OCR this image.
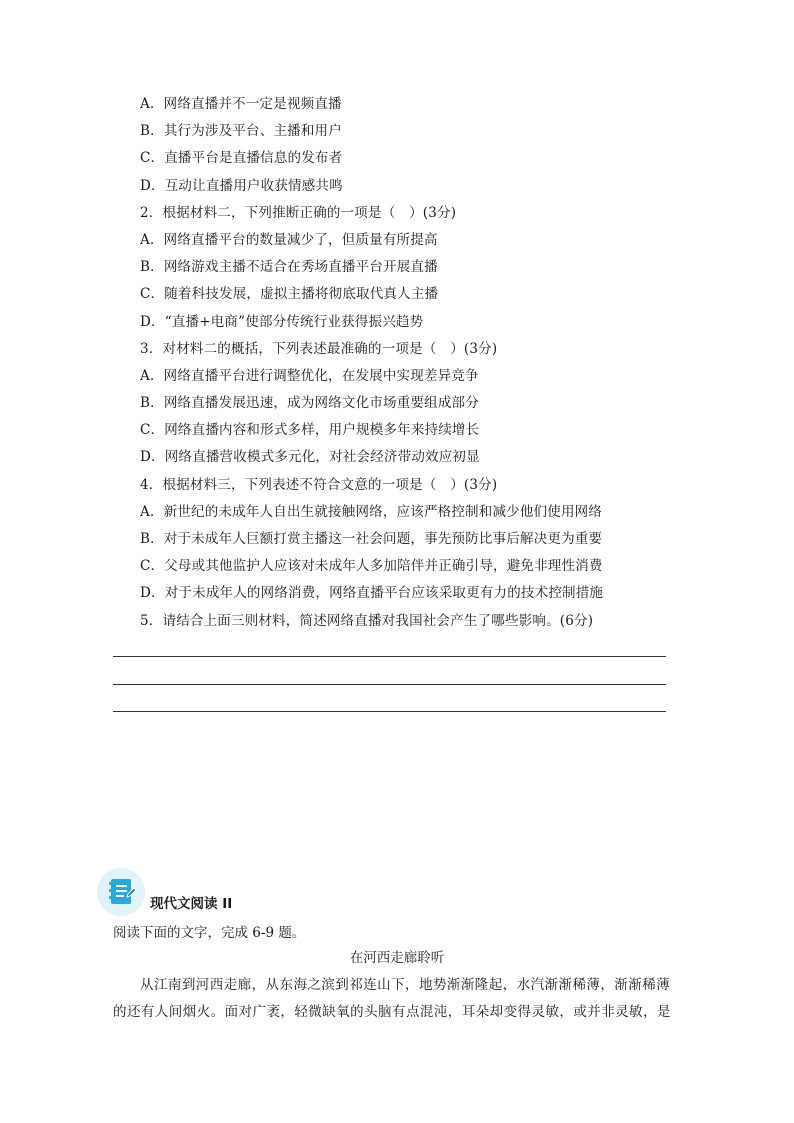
A．网络直播并不一定是视频直播
B．其行为涉及平台、主播和用户
C．直播平台是直播信息的发布者
D．互动让直播用户收获情感共鸣
2．根据材料二，下列推断正确的一项是（　）(3分)
A．网络直播平台的数量减少了，但质量有所提高
B．网络游戏主播不适合在秀场直播平台开展直播
C．随着科技发展，虚拟主播将彻底取代真人主播
D．“直播+电商”使部分传统行业获得振兴趋势
3．对材料二的概括，下列表述最准确的一项是（　）(3分)
A．网络直播平台进行调整优化，在发展中实现差异竞争
B．网络直播发展迅速，成为网络文化市场重要组成部分
C．网络直播内容和形式多样，用户规模多年来持续增长
D．网络直播营收模式多元化，对社会经济带动效应初显
4．根据材料三，下列表述不符合文意的一项是（　）(3分)
A．新世纪的未成年人自出生就接触网络，应该严格控制和减少他们使用网络
B．对于未成年人巨额打赏主播这一社会问题，事先预防比事后解决更为重要
C．父母或其他监护人应该对未成年人多加陪伴并正确引导，避免非理性消费
D．对于未成年人的网络消费，网络直播平台应该采取更有力的技术控制措施
5．请结合上面三则材料，简述网络直播对我国社会产生了哪些影响。(6分)
现代文阅读 II
阅读下面的文字，完成 6-9 题。
在河西走廊聆听
从江南到河西走廊，从东海之滨到祁连山下，地势渐渐隆起，水汽渐渐稀薄，渐渐稀薄
的还有人间烟火。面对广袤，轻微缺氧的头脑有点混沌，耳朵却变得灵敏，或并非灵敏，是
